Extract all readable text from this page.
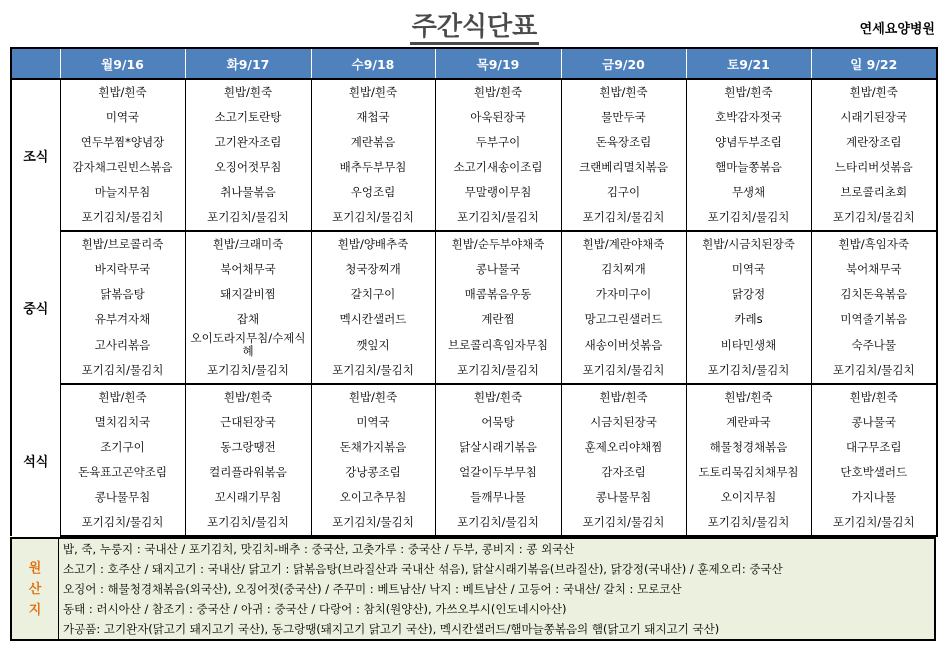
주간식단표	연세요양병원
	월9/16	화9/17	수9/18	목9/19	금9/20	토9/21	일 9/22
조식	흰밥/흰죽	흰밥/흰죽	흰밥/흰죽	흰밥/흰죽	흰밥/흰죽	흰밥/흰죽	흰밥/흰죽
	미역국	소고기토란탕	재첩국	아욱된장국	물만두국	호박감자젓국	시래기된장국
	연두부찜*양념장	고기완자조림	계란볶음	두부구이	돈육장조림	양념두부조림	계란장조림
	감자채그린빈스볶음	오징어젓무침	배추두부무침	소고기새송이조림	크랜베리멸치볶음	햄마늘쫑볶음	느타리버섯볶음
	마늘지무침	취나물볶음	우엉조림	무말랭이무침	김구이	무생채	브로콜리초회
	포기김치/물김치	포기김치/물김치	포기김치/물김치	포기김치/물김치	포기김치/물김치	포기김치/물김치	포기김치/물김치
중식	흰밥/브로콜리죽	흰밥/크래미죽	흰밥/양배추죽	흰밥/순두부야채죽	흰밥/계란야채죽	흰밥/시금치된장죽	흰밥/흑임자죽
	바지락무국	북어채무국	청국장찌개	콩나물국	김치찌개	미역국	북어채무국
	닭볶음탕	돼지갈비찜	갈치구이	매콤볶음우동	가자미구이	닭강정	김치돈육볶음
	유부겨자채	잡채	멕시칸샐러드	계란찜	망고그린샐러드	카레s	미역줄기볶음
	고사리볶음	오이도라지무침/수제식혜	깻잎지	브로콜리흑임자무침	새송이버섯볶음	비타민생채	숙주나물
	포기김치/물김치	포기김치/물김치	포기김치/물김치	포기김치/물김치	포기김치/물김치	포기김치/물김치	포기김치/물김치
석식	흰밥/흰죽	흰밥/흰죽	흰밥/흰죽	흰밥/흰죽	흰밥/흰죽	흰밥/흰죽	흰밥/흰죽
	멸치김치국	근대된장국	미역국	어묵탕	시금치된장국	계란파국	콩나물국
	조기구이	동그랑땡전	돈채가지볶음	닭살시래기볶음	훈제오리야채찜	해물청경채볶음	대구무조림
	돈육표고곤약조림	컬리플라워볶음	강낭콩조림	얼갈이두부무침	감자조림	도토리묵김치채무침	단호박샐러드
	콩나물무침	꼬시래기무침	오이고추무침	들깨무나물	콩나물무침	오이지무침	가지나물
	포기김치/물김치	포기김치/물김치	포기김치/물김치	포기김치/물김치	포기김치/물김치	포기김치/물김치	포기김치/물김치
원
산
지
밥, 죽, 누룽지 : 국내산 / 포기김치, 맛김치-배추 : 중국산, 고춧가루 : 중국산 / 두부, 콩비지 : 콩 외국산
소고기 : 호주산 / 돼지고기 : 국내산/ 닭고기 : 닭볶음탕(브라질산과 국내산 섞음), 닭살시래기볶음(브라질산), 닭강정(국내산) / 훈제오리: 중국산
오징어 : 해물청경채볶음(외국산), 오징어젓(중국산) / 주꾸미 : 베트남산/ 낙지 : 베트남산 / 고등어 : 국내산/ 갈치 : 모로코산
동태 : 러시아산 / 참조기 : 중국산 / 아귀 : 중국산 / 다랑어 : 참치(원양산), 가쓰오부시(인도네시아산)
가공품: 고기완자(닭고기 돼지고기 국산), 동그랑땡(돼지고기 닭고기 국산), 멕시칸샐러드/햄마늘쫑볶음의 햄(닭고기 돼지고기 국산)
